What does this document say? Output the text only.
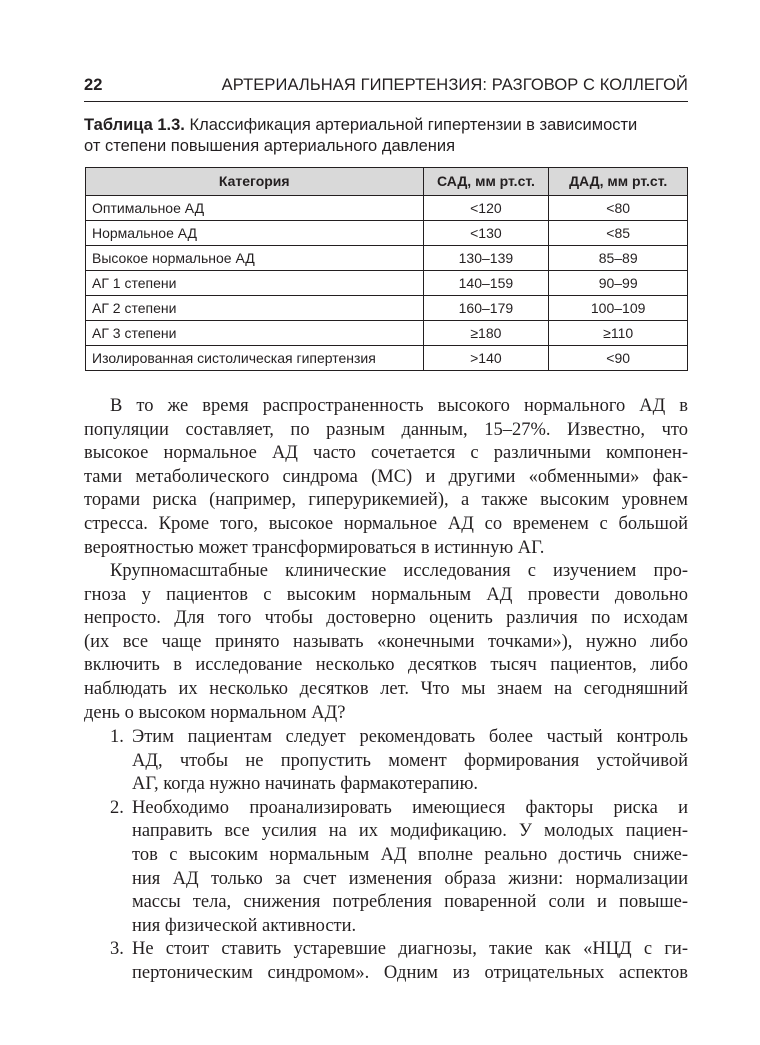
22	АРТЕРИАЛЬНАЯ ГИПЕРТЕНЗИЯ: РАЗГОВОР С КОЛЛЕГОЙ
Таблица 1.3. Классификация артериальной гипертензии в зависимости
от степени повышения артериального давления
Категория	САД, мм рт.ст.	ДАД, мм рт.ст.
Оптимальное АД	<120	<80
Нормальное АД	<130	<85
Высокое нормальное АД	130–139	85–89
АГ 1 степени	140–159	90–99
АГ 2 степени	160–179	100–109
АГ 3 степени	≥180	≥110
Изолированная систолическая гипертензия	>140	<90
В то же время распространенность высокого нормального АД в
популяции составляет, по разным данным, 15–27%. Известно, что
высокое нормальное АД часто сочетается с различными компонен-
тами метаболического синдрома (МС) и другими «обменными» фак-
торами риска (например, гиперурикемией), а также высоким уровнем
стресса. Кроме того, высокое нормальное АД со временем с большой
вероятностью может трансформироваться в истинную АГ.
Крупномасштабные клинические исследования с изучением про-
гноза у пациентов с высоким нормальным АД провести довольно
непросто. Для того чтобы достоверно оценить различия по исходам
(их все чаще принято называть «конечными точками»), нужно либо
включить в исследование несколько десятков тысяч пациентов, либо
наблюдать их несколько десятков лет. Что мы знаем на сегодняшний
день о высоком нормальном АД?
1. Этим пациентам следует рекомендовать более частый контроль
АД, чтобы не пропустить момент формирования устойчивой
АГ, когда нужно начинать фармакотерапию.
2. Необходимо проанализировать имеющиеся факторы риска и
направить все усилия на их модификацию. У молодых пациен-
тов с высоким нормальным АД вполне реально достичь сниже-
ния АД только за счет изменения образа жизни: нормализации
массы тела, снижения потребления поваренной соли и повыше-
ния физической активности.
3. Не стоит ставить устаревшие диагнозы, такие как «НЦД с ги-
пертоническим синдромом». Одним из отрицательных аспектов
